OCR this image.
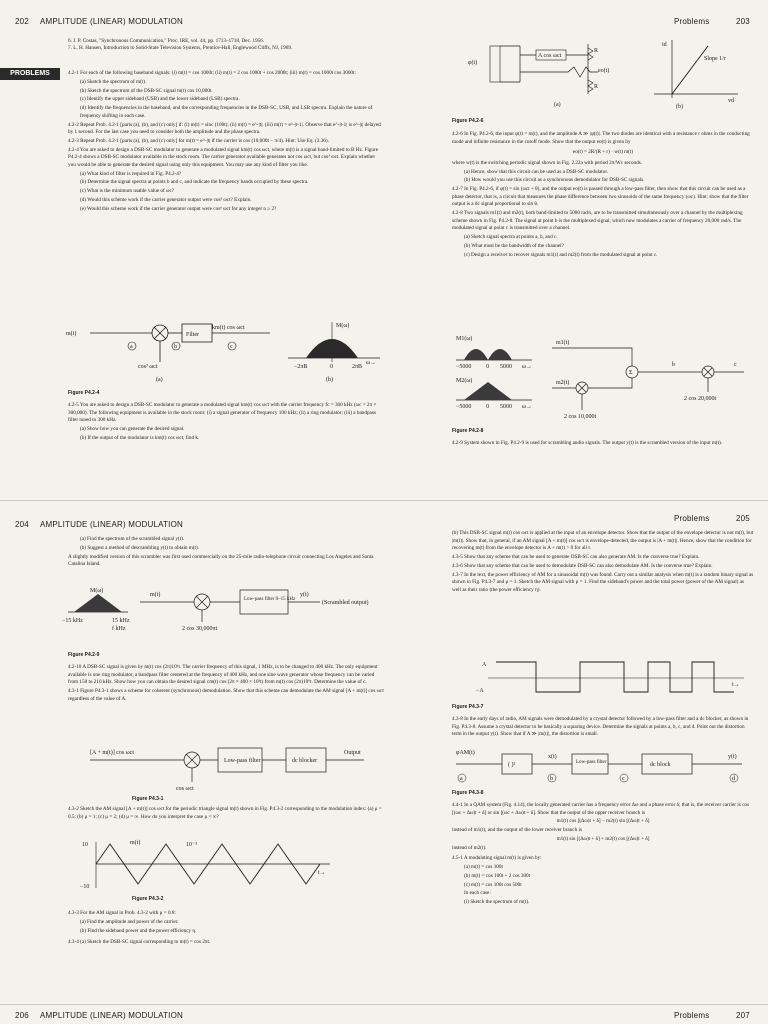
202 AMPLITUDE (LINEAR) MODULATION	Problems	203
6. J. P. Costas, "Synchronous Communication," Proc. IRE, vol. 44, pp. 1713–1718, Dec. 1956.
7. L. H. Hansen, Introduction to Solid-State Television Systems, Prentice-Hall, Englewood Cliffs, NJ, 1969.
PROBLEMS	4.2-1 For each of the following baseband signals: (i) m(t) = cos 1000t; (ii) m(t) = 2 cos 1000t + cos 2000t; (iii) m(t) = cos 1000t cos 3000t:

(a) Sketch the spectrum of m(t).

(b) Sketch the spectrum of the DSB-SC signal m(t) cos 10,000t.

(c) Identify the upper sideband (USB) and the lower sideband (LSB) spectra.

(d) Identify the frequencies in the baseband, and the corresponding frequencies in the DSB-SC, USB, and LSB spectra. Explain the nature of frequency shifting in each case.

4.2-2 Repeat Prob. 4.2-1 [parts (a), (b), and (c) only] if: (i) m(t) = sinc (100t); (ii) m(t) = e^-|t|; (iii) m(t) = e^-|t-1|. Observe that e^-|t-1| is e^-|t| delayed by 1 second. For the last case you need to consider both the amplitude and the phase spectra.

4.2-3 Repeat Prob. 4.2-1 [parts (a), (b), and (c) only] for m(t) = e^-|t| if the carrier is cos (10,000t − π/4). Hint: Use Eq. (3.36).

4.2-4 You are asked to design a DSB-SC modulator to generate a modulated signal km(t) cos ωct, where m(t) is a signal band-limited to B Hz. Figure P4.2-4 shows a DSB-SC modulator available in the stock room. The carrier generator available generates not cos ωct, but cos³ ωct. Explain whether you would be able to generate the desired signal using only this equipment. You may use any kind of filter you like.

(a) What kind of filter is required in Fig. P4.2-4?

(b) Determine the signal spectra at points b and c, and indicate the frequency bands occupied by these spectra.

(c) What is the minimum usable value of ωc?

(d) Would this scheme work if the carrier generator output were cos² ωct? Explain.

(e) Would this scheme work if the carrier generator output were cosⁿ ωct for any integer n ≥ 2?

m(t)	Filter
km(t) cos ωct
a	b	c
cos³ ωct
(a)
M(ω)
−2πB	0	2πB
ω→
(b)
Figure P4.2-4

4.2-5 You are asked to design a DSB-SC modulator to generate a modulated signal km(t) cos ωct with the carrier frequency fc = 300 kHz (ωc = 2π × 300,000). The following equipment is available in the stock room: (i) a signal generator of frequency 100 kHz; (ii) a ring modulator; (iii) a bandpass filter tuned to 300 kHz.

(a) Show how you can generate the desired signal.

(b) If the output of the modulator is km(t) cos ωct, find k.

φ(t)
A cos ωct
R
eo(t)
R
(a)
id
vd
Slope 1/r
(b)
Figure P4.2-6

4.2-6 In Fig. P4.2-6, the input φ(t) = m(t), and the amplitude A ≫ |φ(t)|. The two diodes are identical with a resistance r ohms in the conducting mode and infinite resistance in the cutoff mode. Show that the output eo(t) is given by

eo(t) = 2R/(R + r) · w(t) m(t)

where w(t) is the switching periodic signal shown in Fig. 2.22a with period 2π/Wc seconds.

(a) Hence, show that this circuit can be used as a DSB-SC modulator.

(b) How would you use this circuit as a synchronous demodulator for DSB-SC signals.

4.2-7 In Fig. P4.2-6, if φ(t) = sin (ωct + θ), and the output eo(t) is passed through a low-pass filter, then show that this circuit can be used as a phase detector, that is, a circuit that measures the phase difference between two sinusoids of the same frequency (ωc). Hint: show that the filter output is a dc signal proportional to sin θ.

4.2-8 Two signals m1(t) and m2(t), both band-limited to 5000 rad/s, are to be transmitted simultaneously over a channel by the multiplexing scheme shown in Fig. P4.2-8. The signal at point b is the multiplexed signal, which now modulates a carrier of frequency 20,000 rad/s. The modulated signal at point c is transmitted over a channel.

(a) Sketch signal spectra at points a, b, and c.

(b) What must be the bandwidth of the channel?

(c) Design a receiver to recover signals m1(t) and m2(t) from the modulated signal at point c.

M1(ω)
−5000 0 5000 ω→
M2(ω)
−5000 0 5000 ω→
m1(t)
m2(t)
Σ
2 cos 10,000t
b	c
2 cos 20,000t
Figure P4.2-8
4.2-9 System shown in Fig. P4.2-9 is used for scrambling audio signals. The output y(t) is the scrambled version of the input m(t).
204 AMPLITUDE (LINEAR) MODULATION
Problems	205

(a) Find the spectrum of the scrambled signal y(t).

(b) Suggest a method of descrambling y(t) to obtain m(t).

A slightly modified version of this scrambler was first used commercially on the 25-mile radio-telephone circuit connecting Los Angeles and Santa Catalina Island.

M(ω)
−15 kHz	15 kHz
f kHz
m(t)
2 cos 30,000πt
Low-pass filter 0–15 kHz
y(t)
(Scrambled output)
Figure P4.2-9

4.2-10 A DSB-SC signal is given by m(t) cos (2π)10⁶t. The carrier frequency of this signal, 1 MHz, is to be changed to 400 kHz. The only equipment available is one ring modulator, a bandpass filter centered at the frequency of 400 kHz, and one sine wave generator whose frequency can be varied from 150 to 210 kHz. Show how you can obtain the desired signal cm(t) cos (2π × 400 × 10³t) from m(t) cos (2π)10⁶t. Determine the value of c.

4.3-1 Figure P4.3-1 shows a scheme for coherent (synchronous) demodulation. Show that this scheme can demodulate the AM signal [A + m(t)] cos ωct regardless of the value of A.

[A + m(t)] cos ωct
Low-pass filter	dc blocker
Output
cos ωct
Figure P4.3-1
4.3-2 Sketch the AM signal [A + m(t)] cos ωct for the periodic triangle signal m(t) shown in Fig. P4.3-2 corresponding to the modulation index: (a) μ = 0.5; (b) μ = 1; (c) μ = 2; (d) μ = ∞. How do you interpret the case μ = ∞?
10	m(t)	10⁻³
t→
−10
Figure P4.3-2

4.3-3 For the AM signal in Prob. 4.3-2 with μ = 0.8:

(a) Find the amplitude and power of the carrier.

(b) Find the sideband power and the power efficiency η.

4.3-4 (a) Sketch the DSB-SC signal corresponding to m(t) = cos 2πt.

(b) This DSB-SC signal m(t) cos ωct is applied at the input of an envelope detector. Show that the output of the envelope detector is not m(t), but |m(t)|. Show that, in general, if an AM signal [A + m(t)] cos ωct is envelope-detected, the output is |A + m(t)|. Hence, show that the condition for recovering m(t) from the envelope detector is A + m(t) > 0 for all t.

4.3-5 Show that any scheme that can be used to generate DSB-SC can also generate AM. Is the converse true? Explain.

4.3-6 Show that any scheme that can be used to demodulate DSB-SC can also demodulate AM. Is the converse true? Explain.

4.3-7 In the text, the power efficiency of AM for a sinusoidal m(t) was found. Carry out a similar analysis when m(t) is a random binary signal as shown in Fig. P4.3-7 and μ = 1. Sketch the AM signal with μ = 1. Find the sideband's power and the total power (power of the AM signal) as well as their ratio (the power efficiency η).

A
−A
t→
Figure P4.3-7
4.3-8 In the early days of radio, AM signals were demodulated by a crystal detector followed by a low-pass filter and a dc blocker, as shown in Fig. P4.3-8. Assume a crystal detector to be basically a squaring device. Determine the signals at points a, b, c, and d. Point out the distortion term in the output y(t). Show that if A ≫ |m(t)|, the distortion is small.
φAM(t)
( )²
x(t)
Low-pass filter	dc block
y(t)
a	b	c	d
Figure P4.3-8

4.4-1 In a QAM system (Fig. 4.14), the locally generated carrier has a frequency error Δω and a phase error δ; that is, the receiver carrier is cos [(ωc + Δω)t + δ] or sin [(ωc + Δω)t + δ]. Show that the output of the upper receiver branch is

m1(t) cos [(Δω)t + δ] − m2(t) sin [(Δω)t + δ]

instead of m1(t), and the output of the lower receiver branch is

m1(t) sin [(Δω)t + δ] + m2(t) cos [(Δω)t + δ]

instead of m2(t).

4.5-1 A modulating signal m(t) is given by:

(a) m(t) = cos 100t

(b) m(t) = cos 100t + 2 cos 300t

(c) m(t) = cos 100t cos 500t

In each case:

(i) Sketch the spectrum of m(t).

206 AMPLITUDE (LINEAR) MODULATION	Problems	207
